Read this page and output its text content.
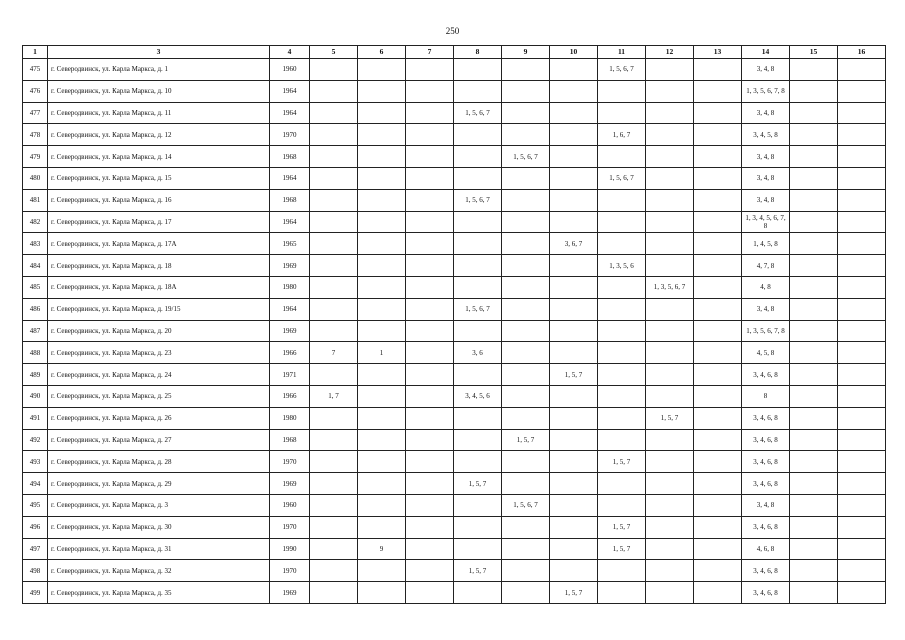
250
1	3	4	5	6	7	8	9	10	11	12	13	14	15	16
475	г. Северодвинск, ул. Карла Маркса, д. 1	1960							1, 5, 6, 7			3, 4, 8		
476	г. Северодвинск, ул. Карла Маркса, д. 10	1964										1, 3, 5, 6, 7, 8		
477	г. Северодвинск, ул. Карла Маркса, д. 11	1964				1, 5, 6, 7						3, 4, 8		
478	г. Северодвинск, ул. Карла Маркса, д. 12	1970							1, 6, 7			3, 4, 5, 8		
479	г. Северодвинск, ул. Карла Маркса, д. 14	1968					1, 5, 6, 7					3, 4, 8		
480	г. Северодвинск, ул. Карла Маркса, д. 15	1964							1, 5, 6, 7			3, 4, 8		
481	г. Северодвинск, ул. Карла Маркса, д. 16	1968				1, 5, 6, 7						3, 4, 8		
482	г. Северодвинск, ул. Карла Маркса, д. 17	1964										1, 3, 4, 5, 6, 7, 8		
483	г. Северодвинск, ул. Карла Маркса, д. 17А	1965						3, 6, 7				1, 4, 5, 8		
484	г. Северодвинск, ул. Карла Маркса, д. 18	1969							1, 3, 5, 6			4, 7, 8		
485	г. Северодвинск, ул. Карла Маркса, д. 18А	1980								1, 3, 5, 6, 7		4, 8		
486	г. Северодвинск, ул. Карла Маркса, д. 19/15	1964				1, 5, 6, 7						3, 4, 8		
487	г. Северодвинск, ул. Карла Маркса, д. 20	1969										1, 3, 5, 6, 7, 8		
488	г. Северодвинск, ул. Карла Маркса, д. 23	1966	7	1		3, 6						4, 5, 8		
489	г. Северодвинск, ул. Карла Маркса, д. 24	1971						1, 5, 7				3, 4, 6, 8		
490	г. Северодвинск, ул. Карла Маркса, д. 25	1966	1, 7			3, 4, 5, 6						8		
491	г. Северодвинск, ул. Карла Маркса, д. 26	1980								1, 5, 7		3, 4, 6, 8		
492	г. Северодвинск, ул. Карла Маркса, д. 27	1968					1, 5, 7					3, 4, 6, 8		
493	г. Северодвинск, ул. Карла Маркса, д. 28	1970							1, 5, 7			3, 4, 6, 8		
494	г. Северодвинск, ул. Карла Маркса, д. 29	1969				1, 5, 7						3, 4, 6, 8		
495	г. Северодвинск, ул. Карла Маркса, д. 3	1960					1, 5, 6, 7					3, 4, 8		
496	г. Северодвинск, ул. Карла Маркса, д. 30	1970							1, 5, 7			3, 4, 6, 8		
497	г. Северодвинск, ул. Карла Маркса, д. 31	1990		9					1, 5, 7			4, 6, 8		
498	г. Северодвинск, ул. Карла Маркса, д. 32	1970				1, 5, 7						3, 4, 6, 8		
499	г. Северодвинск, ул. Карла Маркса, д. 35	1969						1, 5, 7				3, 4, 6, 8		
